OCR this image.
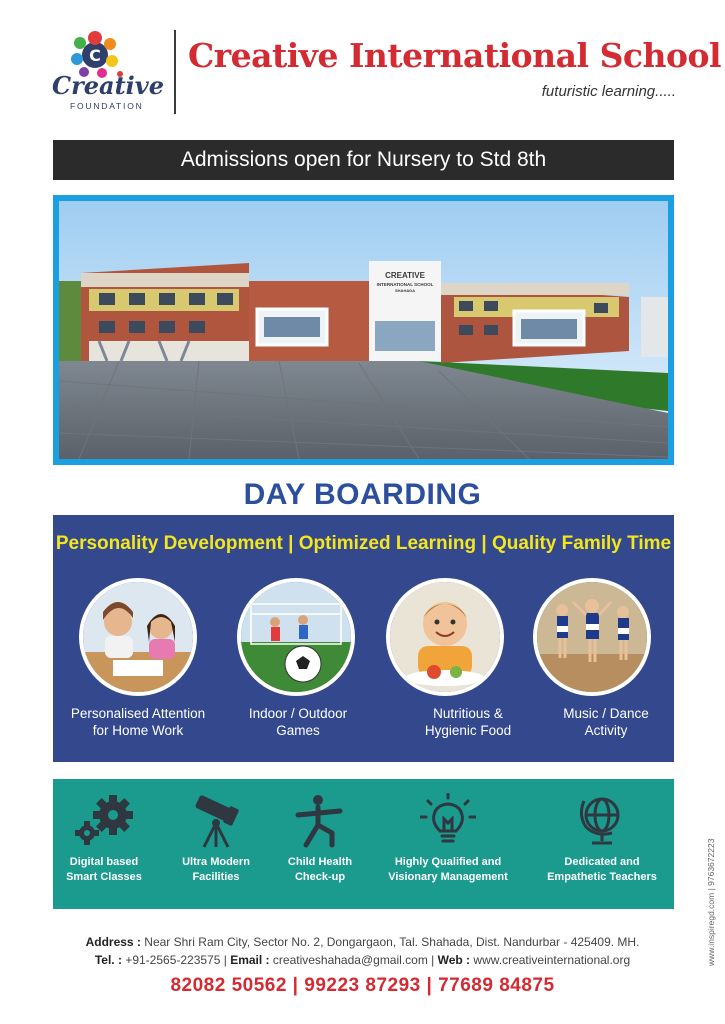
C
Creative
FOUNDATION
Creative International School
futuristic learning.....
Admissions open for Nursery to Std 8th
CREATIVE
INTERNATIONAL SCHOOL
SHAHADA
DAY BOARDING
Personality Development | Optimized Learning | Quality Family Time
Personalised Attention
for Home Work
Indoor / Outdoor
Games
Nutritious &
Hygienic Food
Music / Dance
Activity
Digital based
Smart Classes
Ultra Modern
Facilities
Child Health
Check-up
Highly Qualified and
Visionary Management
Dedicated and
Empathetic Teachers
Address : Near Shri Ram City, Sector No. 2, Dongargaon, Tal. Shahada, Dist. Nandurbar - 425409. MH.
Tel. : +91-2565-223575 | Email : creativeshahada@gmail.com | Web : www.creativeinternational.org
82082 50562 | 99223 87293 | 77689 84875
www.inspiregd.com | 9763672223
